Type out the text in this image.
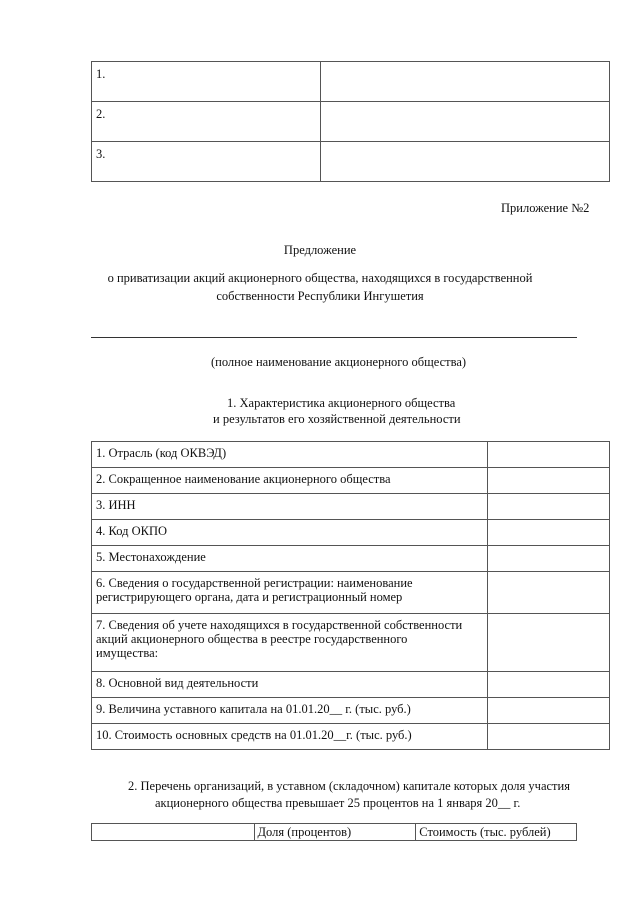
1.	
2.	
3.	
Приложение №2
Предложение
о приватизации акций акционерного общества, находящихся в государственной
собственности Республики Ингушетия
(полное наименование акционерного общества)
1. Характеристика акционерного общества
и результатов его хозяйственной деятельности
1. Отрасль (код ОКВЭД)	

2. Сокращенное наименование акционерного общества	

3. ИНН	

4. Код ОКПО	

5. Местонахождение	

6. Сведения о государственной регистрации: наименование
регистрирующего органа, дата и регистрационный номер	

7. Сведения об учете находящихся в государственной собственности
акций акционерного общества в реестре государственного
имущества:	

8. Основной вид деятельности	

9. Величина уставного капитала на 01.01.20__ г. (тыс. руб.)	

10. Стоимость основных средств на 01.01.20__г. (тыс. руб.)	

2. Перечень организаций, в уставном (складочном) капитале которых доля участия
акционерного общества превышает 25 процентов на 1 января 20__ г.
	Доля (процентов)	Стоимость (тыс. рублей)
